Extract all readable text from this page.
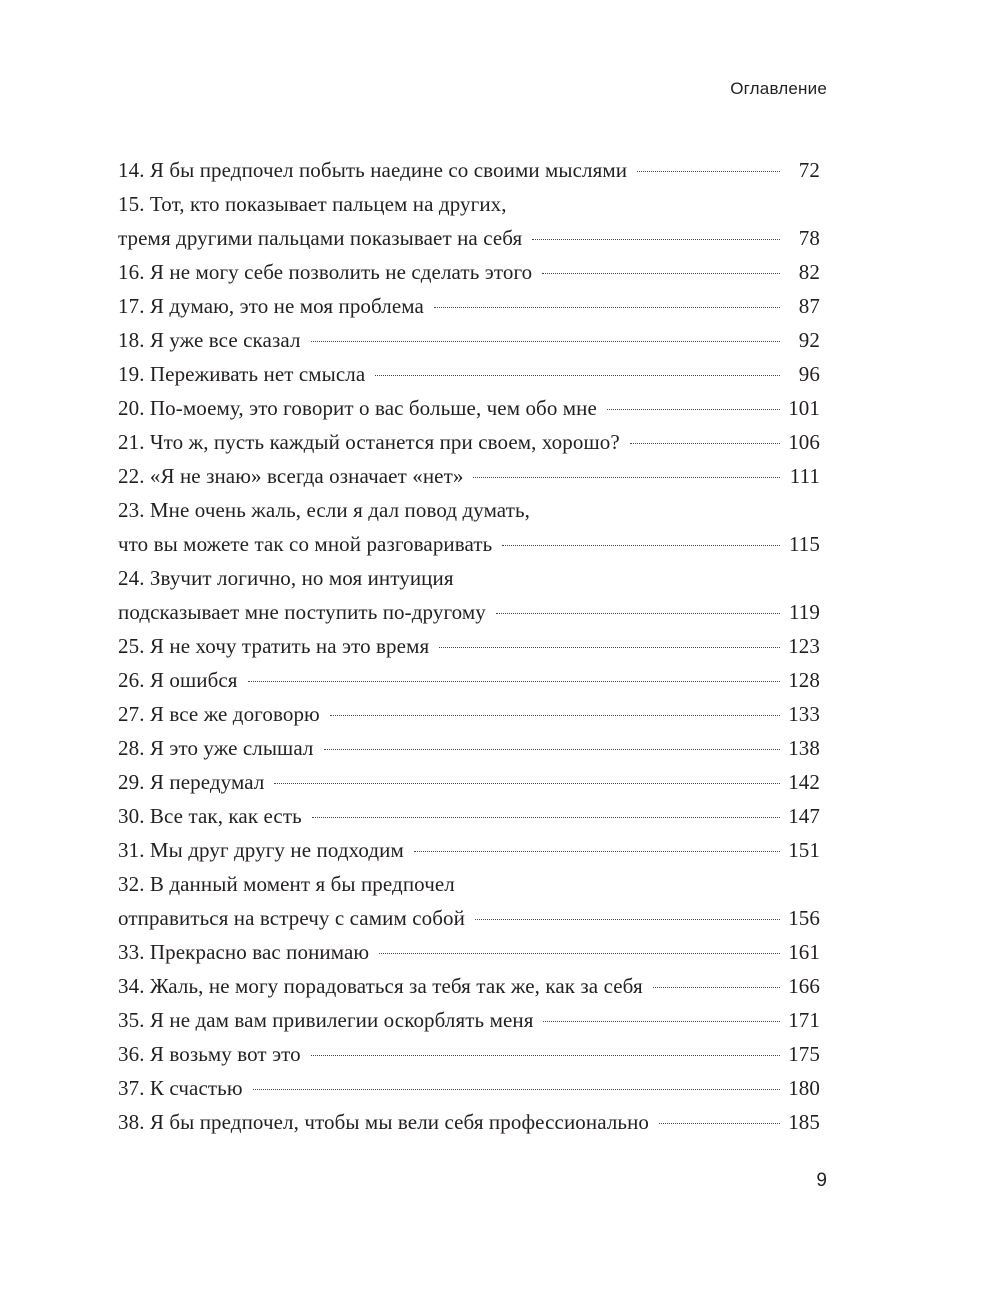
Оглавление
14. Я бы предпочел побыть наедине со своими мыслями	72
15. Тот, кто показывает пальцем на других,
тремя другими пальцами показывает на себя	78
16. Я не могу себе позволить не сделать этого	82
17. Я думаю, это не моя проблема	87
18. Я уже все сказал	92
19. Переживать нет смысла	96
20. По-моему, это говорит о вас больше, чем обо мне	101
21. Что ж, пусть каждый останется при своем, хорошо?	106
22. «Я не знаю» всегда означает «нет»	111
23. Мне очень жаль, если я дал повод думать,
что вы можете так со мной разговаривать	115
24. Звучит логично, но моя интуиция
подсказывает мне поступить по-другому	119
25. Я не хочу тратить на это время	123
26. Я ошибся	128
27. Я все же договорю	133
28. Я это уже слышал	138
29. Я передумал	142
30. Все так, как есть	147
31. Мы друг другу не подходим	151
32. В данный момент я бы предпочел
отправиться на встречу с самим собой	156
33. Прекрасно вас понимаю	161
34. Жаль, не могу порадоваться за тебя так же, как за себя	166
35. Я не дам вам привилегии оскорблять меня	171
36. Я возьму вот это	175
37. К счастью	180
38. Я бы предпочел, чтобы мы вели себя профессионально	185
9
